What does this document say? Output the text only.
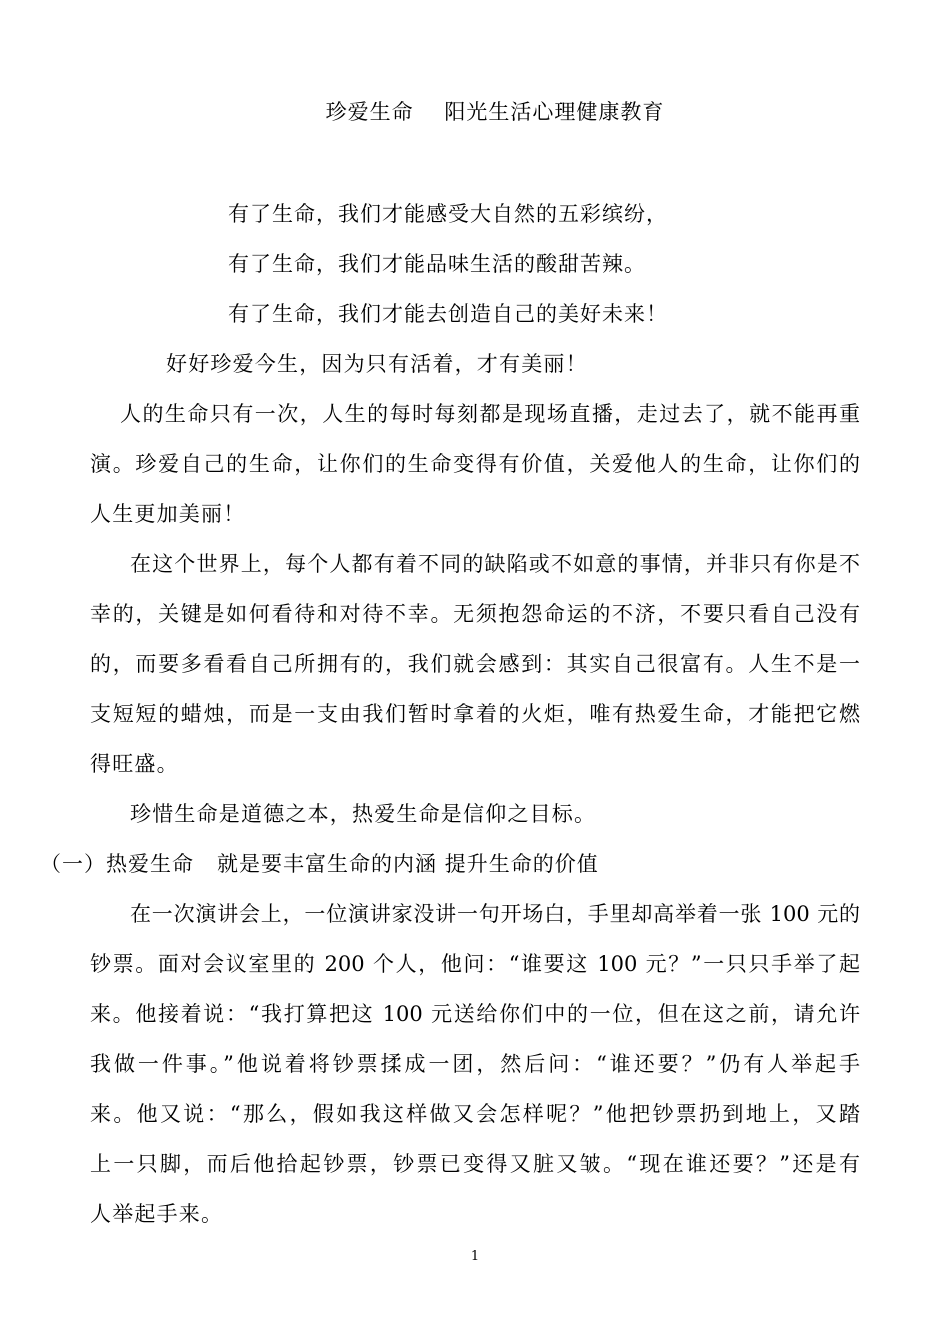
珍爱生命    阳光生活心理健康教育
有了生命，我们才能感受大自然的五彩缤纷，
有了生命，我们才能品味生活的酸甜苦辣。
有了生命，我们才能去创造自己的美好未来！
好好珍爱今生，因为只有活着，才有美丽！
人的生命只有一次，人生的每时每刻都是现场直播，走过去了，就不能再重
演。珍爱自己的生命，让你们的生命变得有价值，关爱他人的生命，让你们的
人生更加美丽！
在这个世界上，每个人都有着不同的缺陷或不如意的事情，并非只有你是不
幸的，关键是如何看待和对待不幸。无须抱怨命运的不济，不要只看自己没有
的，而要多看看自己所拥有的，我们就会感到：其实自己很富有。人生不是一
支短短的蜡烛，而是一支由我们暂时拿着的火炬，唯有热爱生命，才能把它燃
得旺盛。
珍惜生命是道德之本，热爱生命是信仰之目标。
（一）热爱生命   就是要丰富生命的内涵 提升生命的价值
在一次演讲会上，一位演讲家没讲一句开场白，手里却高举着一张 100 元的
钞票。面对会议室里的 200 个人，他问：“谁要这 100 元？”一只只手举了起
来。他接着说：“我打算把这 100 元送给你们中的一位，但在这之前，请允许
我做一件事。”他说着将钞票揉成一团，然后问：“谁还要？”仍有人举起手
来。他又说：“那么，假如我这样做又会怎样呢？”他把钞票扔到地上，又踏
上一只脚，而后他拾起钞票，钞票已变得又脏又皱。“现在谁还要？”还是有
人举起手来。
1
